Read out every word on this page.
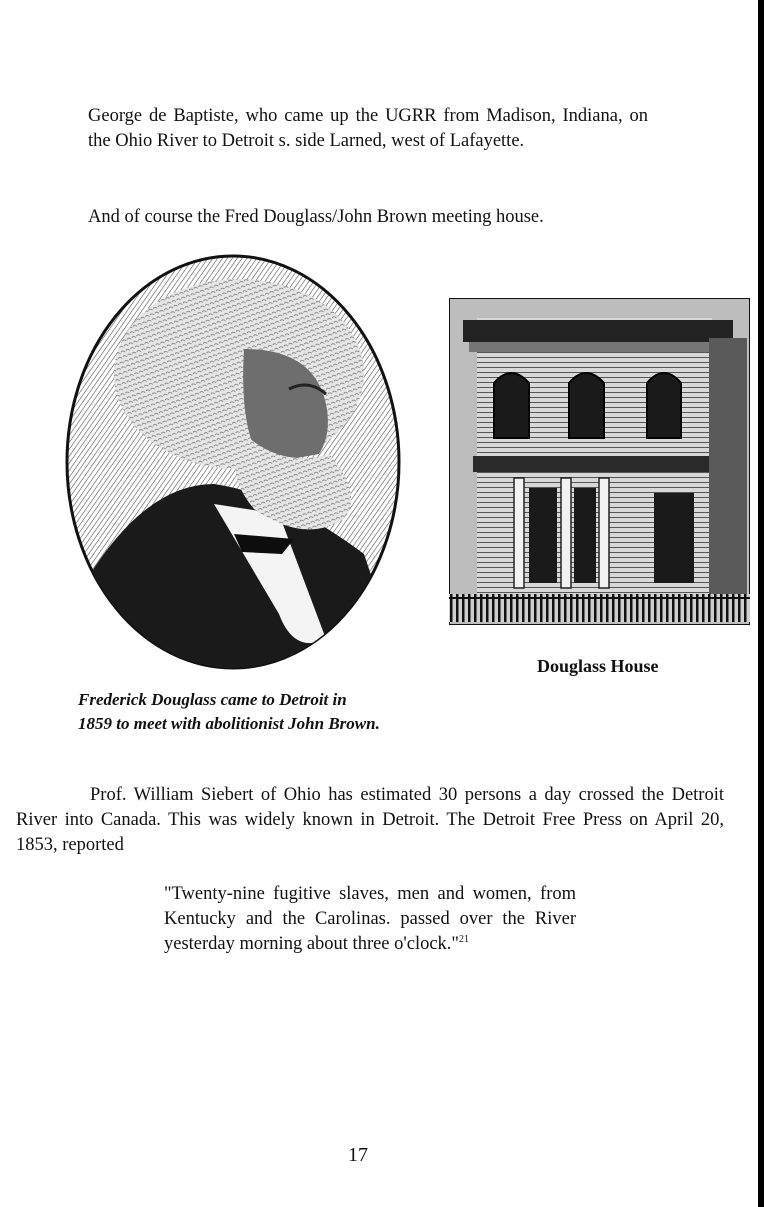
George de Baptiste, who came up the UGRR from Madison, Indiana, on the Ohio River to Detroit s. side Larned, west of Lafayette.

And of course the Fred Douglass/John Brown meeting house.

Douglass House
Frederick Douglass came to Detroit in
1859 to meet with abolitionist John Brown.

Prof. William Siebert of Ohio has estimated 30 persons a day crossed the Detroit River into Canada. This was widely known in Detroit. The Detroit Free Press on April 20, 1853, reported

"Twenty-nine fugitive slaves, men and women, from Kentucky and the Carolinas. passed over the River yesterday morning about three o'clock."$^{21}$

17
